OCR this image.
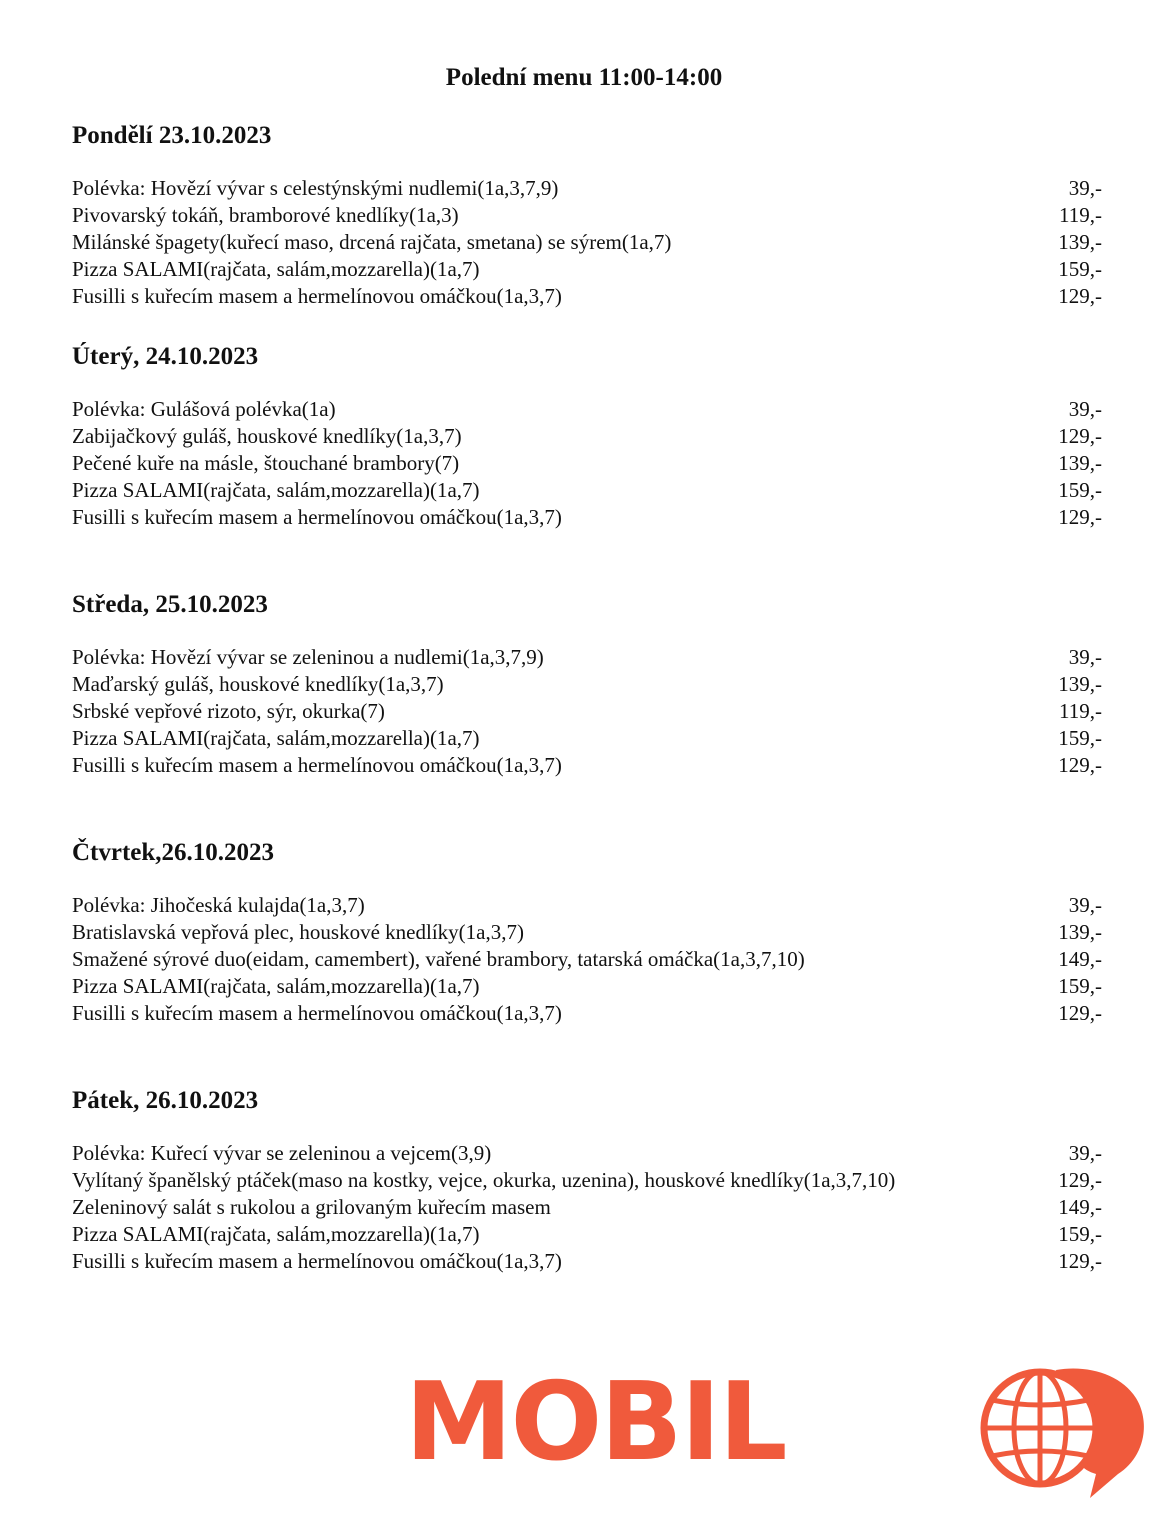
Polední menu 11:00-14:00
Pondělí 23.10.2023
Polévka: Hovězí vývar s celestýnskými nudlemi(1a,3,7,9)	39,-
Pivovarský tokáň, bramborové knedlíky(1a,3)	119,-
Milánské špagety(kuřecí maso, drcená rajčata, smetana) se sýrem(1a,7)	139,-
Pizza SALAMI(rajčata, salám,mozzarella)(1a,7)	159,-
Fusilli s kuřecím masem a hermelínovou omáčkou(1a,3,7)	129,-
Úterý, 24.10.2023
Polévka: Gulášová polévka(1a)	39,-
Zabijačkový guláš, houskové knedlíky(1a,3,7)	129,-
Pečené kuře na másle, štouchané brambory(7)	139,-
Pizza SALAMI(rajčata, salám,mozzarella)(1a,7)	159,-
Fusilli s kuřecím masem a hermelínovou omáčkou(1a,3,7)	129,-
Středa, 25.10.2023
Polévka: Hovězí vývar se zeleninou a nudlemi(1a,3,7,9)	39,-
Maďarský guláš, houskové knedlíky(1a,3,7)	139,-
Srbské vepřové rizoto, sýr, okurka(7)	119,-
Pizza SALAMI(rajčata, salám,mozzarella)(1a,7)	159,-
Fusilli s kuřecím masem a hermelínovou omáčkou(1a,3,7)	129,-
Čtvrtek,26.10.2023
Polévka: Jihočeská kulajda(1a,3,7)	39,-
Bratislavská vepřová plec, houskové knedlíky(1a,3,7)	139,-
Smažené sýrové duo(eidam, camembert), vařené brambory, tatarská omáčka(1a,3,7,10)	149,-
Pizza SALAMI(rajčata, salám,mozzarella)(1a,7)	159,-
Fusilli s kuřecím masem a hermelínovou omáčkou(1a,3,7)	129,-
Pátek, 26.10.2023
Polévka: Kuřecí vývar se zeleninou a vejcem(3,9)	39,-
Vylítaný španělský ptáček(maso na kostky, vejce, okurka, uzenina), houskové knedlíky(1a,3,7,10)	129,-
Zeleninový salát s rukolou a grilovaným kuřecím masem	149,-
Pizza SALAMI(rajčata, salám,mozzarella)(1a,7)	159,-
Fusilli s kuřecím masem a hermelínovou omáčkou(1a,3,7)	129,-
MOBIL
